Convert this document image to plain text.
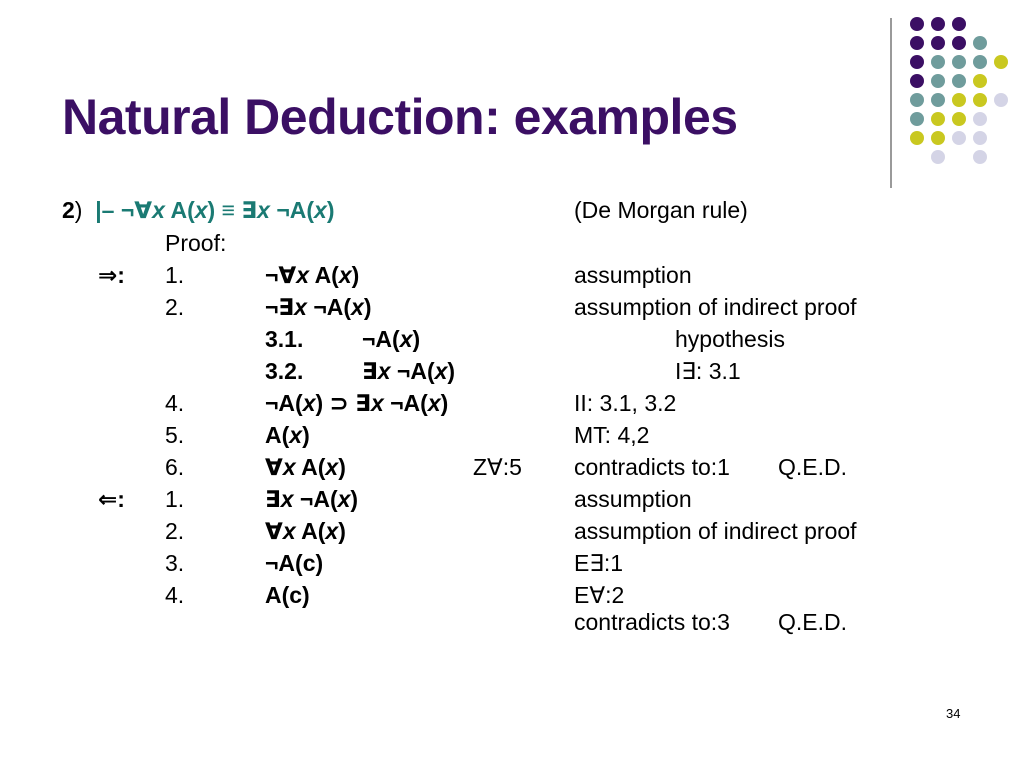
Natural Deduction: examples
2) |– ¬∀x A(x) ≡ ∃x ¬A(x)	(De Morgan rule)
Proof:
⇒: 1.	¬∀x A(x)	assumption
2.	¬∃x ¬A(x)	assumption of indirect proof
3.1.	¬A(x)	hypothesis
3.2.	∃x ¬A(x)	I∃: 3.1
4.	¬A(x) ⊃ ∃x ¬A(x)	II: 3.1, 3.2
5.	A(x)	MT: 4,2
6.	∀x A(x)	Z∀:5 contradicts to:1 Q.E.D.
⇐: 1.	∃x ¬A(x)	assumption
2.	∀x A(x)	assumption of indirect proof
3.	¬A(c)	E∃:1
4.	A(c)	E∀:2
contradicts to:3 Q.E.D.
34
